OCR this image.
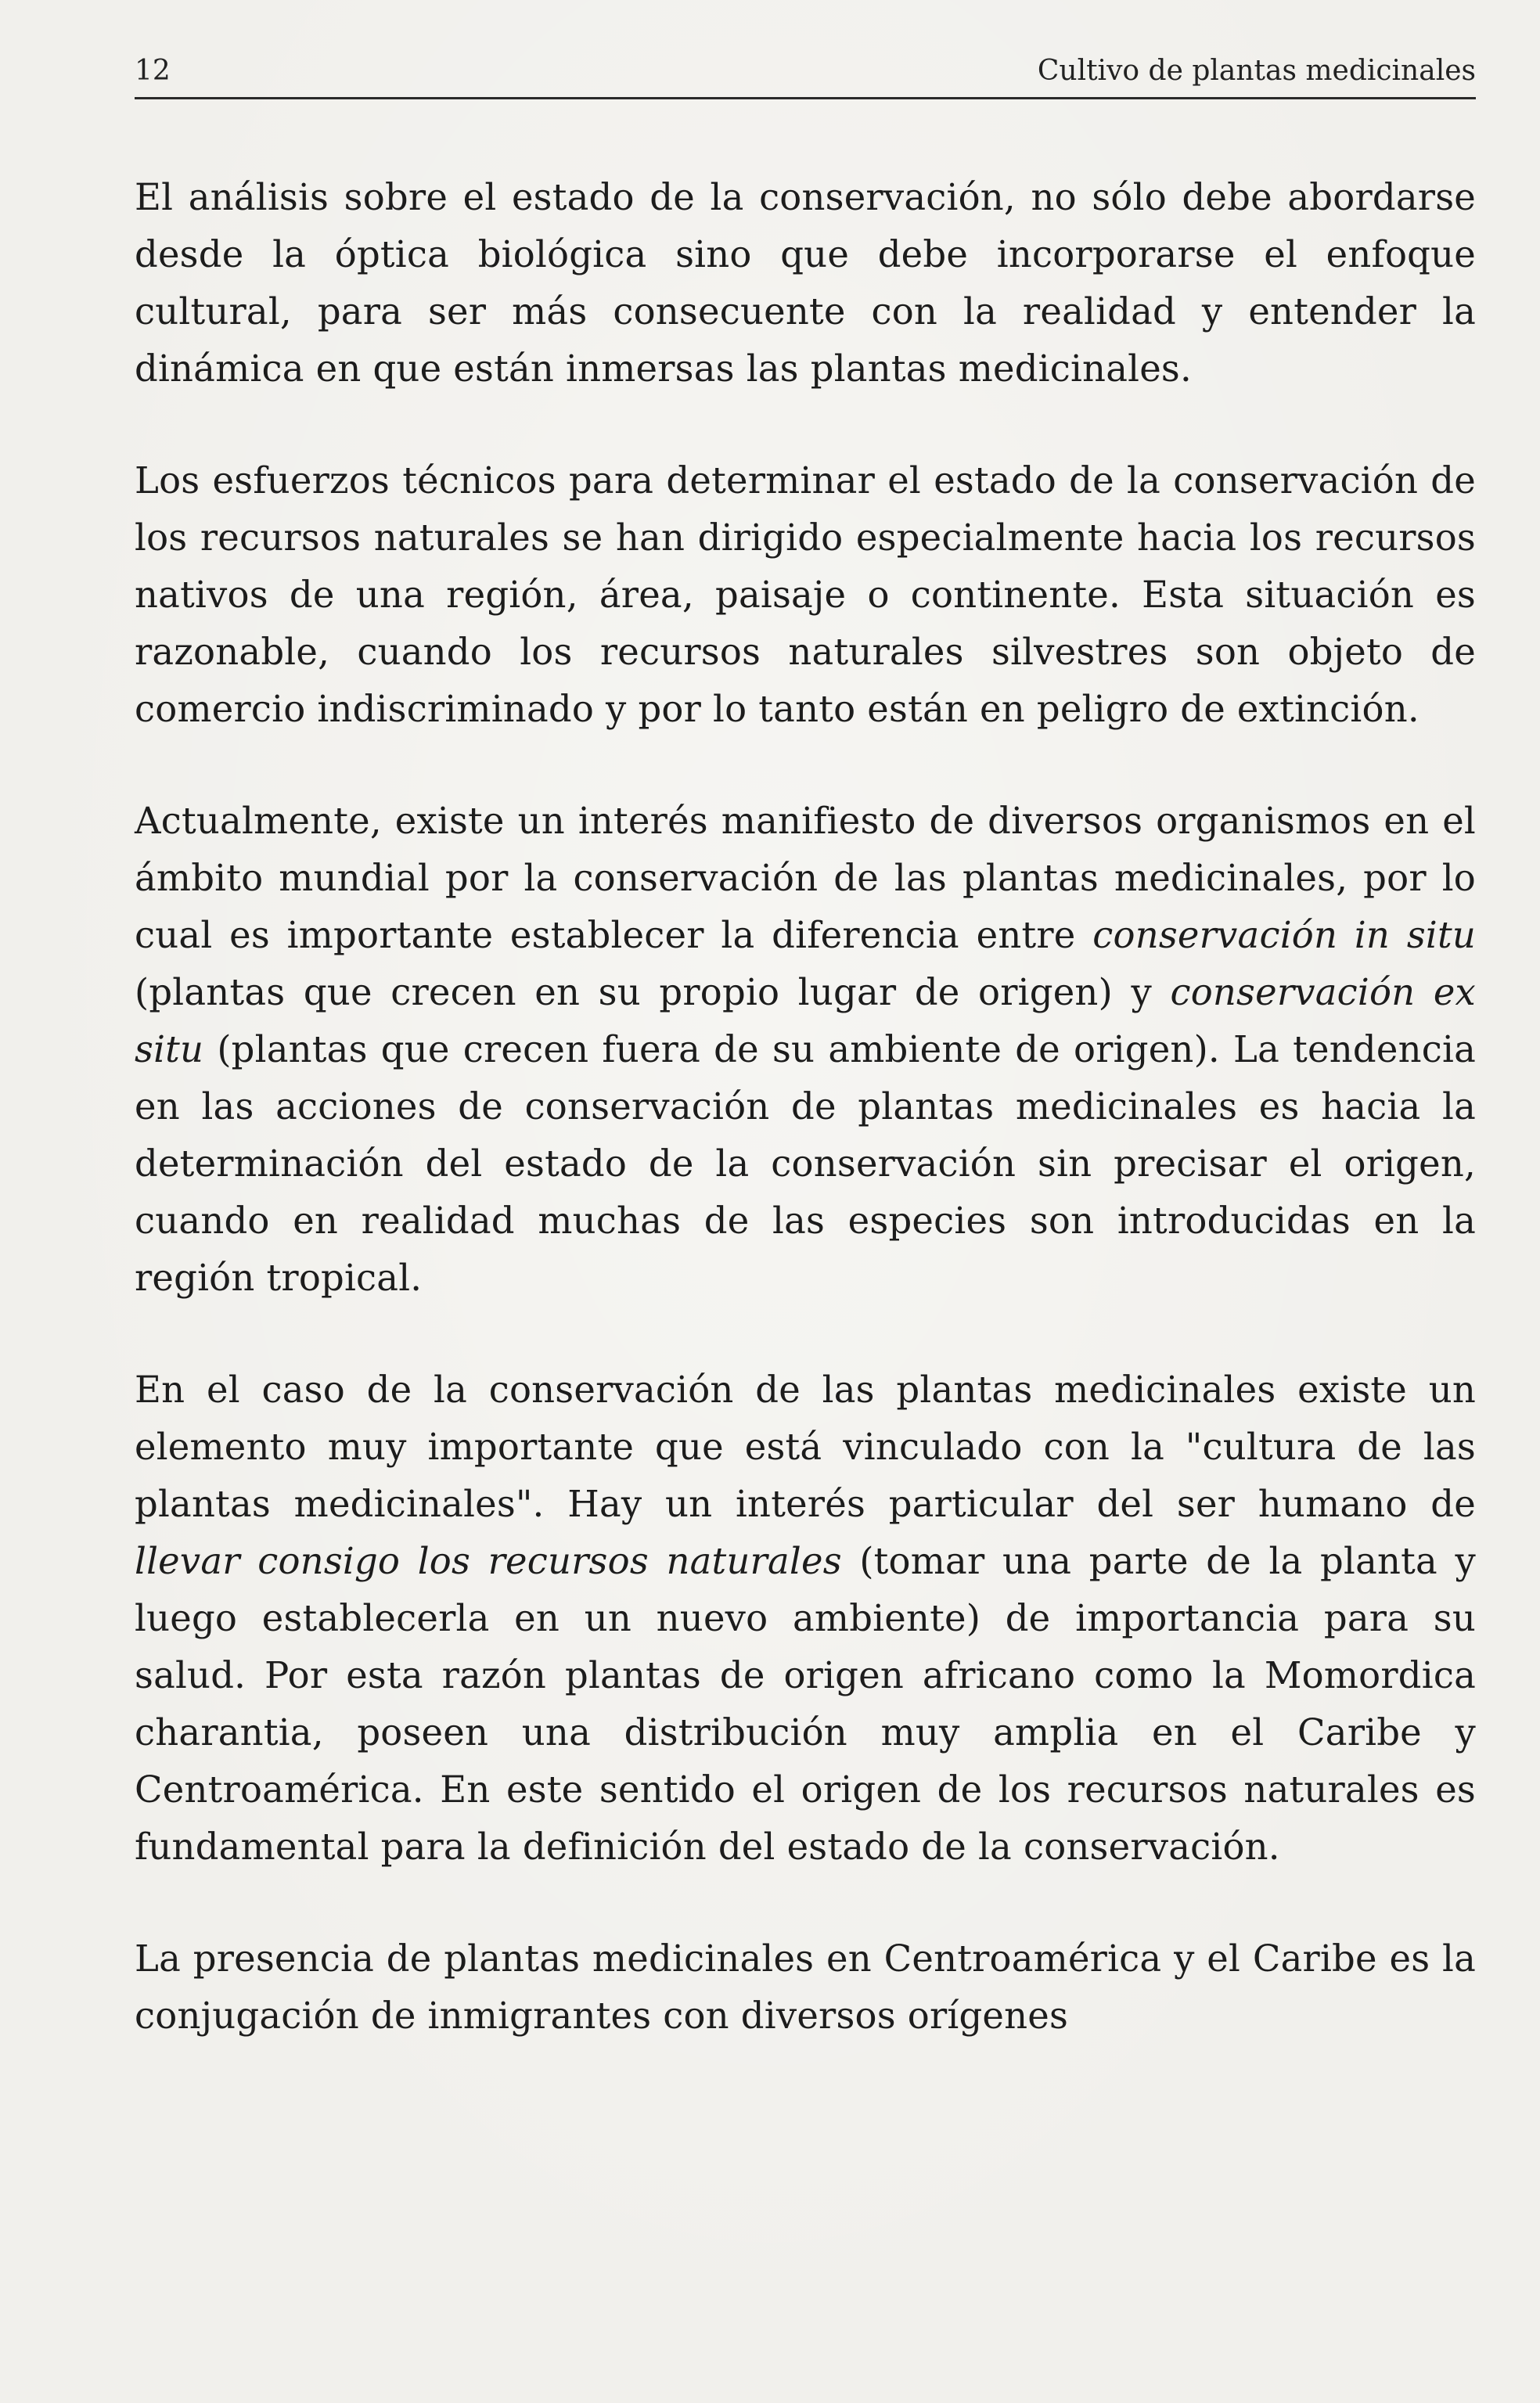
12	Cultivo de plantas medicinales

El análisis sobre el estado de la conservación, no sólo debe abordarse desde la óptica biológica sino que debe incorporarse el enfoque cultural, para ser más consecuente con la realidad y entender la dinámica en que están inmersas las plantas medicinales.

Los esfuerzos técnicos para determinar el estado de la conservación de los recursos naturales se han dirigido especialmente hacia los recursos nativos de una región, área, paisaje o continente. Esta situación es razonable, cuando los recursos naturales silvestres son objeto de comercio indiscriminado y por lo tanto están en peligro de extinción.

Actualmente, existe un interés manifiesto de diversos organismos en el ámbito mundial por la conservación de las plantas medicinales, por lo cual es importante establecer la diferencia entre conservación in situ (plantas que crecen en su propio lugar de origen) y conservación ex situ (plantas que crecen fuera de su ambiente de origen). La tendencia en las acciones de conservación de plantas medicinales es hacia la determinación del estado de la conservación sin precisar el origen, cuando en realidad muchas de las especies son introducidas en la región tropical.

En el caso de la conservación de las plantas medicinales existe un elemento muy importante que está vinculado con la "cultura de las plantas medicinales". Hay un interés particular del ser humano de llevar consigo los recursos naturales (tomar una parte de la planta y luego establecerla en un nuevo ambiente) de importancia para su salud. Por esta razón plantas de origen africano como la Momordica charantia, poseen una distribución muy amplia en el Caribe y Centroamérica. En este sentido el origen de los recursos naturales es fundamental para la definición del estado de la conservación.

La presencia de plantas medicinales en Centroamérica y el Caribe es la conjugación de inmigrantes con diversos orígenes
